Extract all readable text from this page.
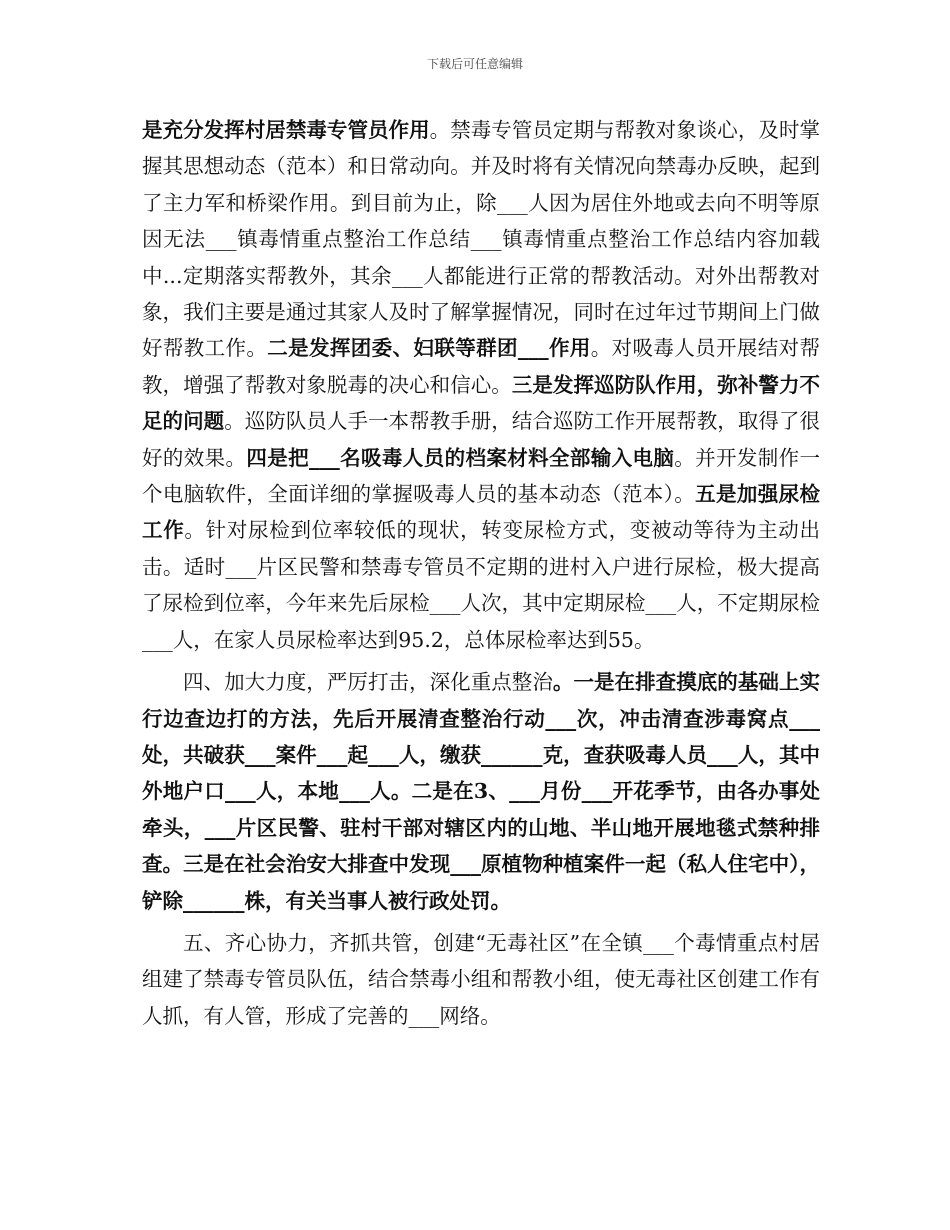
下载后可任意编辑

是充分发挥村居禁毒专管员作用。禁毒专管员定期与帮教对象谈心，及时掌握其思想动态（范本）和日常动向。并及时将有关情况向禁毒办反映，起到了主力军和桥梁作用。到目前为止，除___人因为居住外地或去向不明等原因无法___镇毒情重点整治工作总结___镇毒情重点整治工作总结内容加载中...定期落实帮教外，其余___人都能进行正常的帮教活动。对外出帮教对象，我们主要是通过其家人及时了解掌握情况，同时在过年过节期间上门做好帮教工作。二是发挥团委、妇联等群团___作用。对吸毒人员开展结对帮教，增强了帮教对象脱毒的决心和信心。三是发挥巡防队作用，弥补警力不足的问题。巡防队员人手一本帮教手册，结合巡防工作开展帮教，取得了很好的效果。四是把___名吸毒人员的档案材料全部输入电脑。并开发制作一个电脑软件，全面详细的掌握吸毒人员的基本动态（范本）。五是加强尿检工作。针对尿检到位率较低的现状，转变尿检方式，变被动等待为主动出击。适时___片区民警和禁毒专管员不定期的进村入户进行尿检，极大提高了尿检到位率，今年来先后尿检___人次，其中定期尿检___人，不定期尿检___人，在家人员尿检率达到95.2，总体尿检率达到55。

四、加大力度，严厉打击，深化重点整治。一是在排查摸底的基础上实行边查边打的方法，先后开展清查整治行动___次，冲击清查涉毒窝点___处，共破获___案件___起___人，缴获______克，查获吸毒人员___人，其中外地户口___人，本地___人。二是在3、___月份___开花季节，由各办事处牵头，___片区民警、驻村干部对辖区内的山地、半山地开展地毯式禁种排查。三是在社会治安大排查中发现___原植物种植案件一起（私人住宅中），铲除______株，有关当事人被行政处罚。

五、齐心协力，齐抓共管，创建“无毒社区”在全镇___个毒情重点村居组建了禁毒专管员队伍，结合禁毒小组和帮教小组，使无毒社区创建工作有人抓，有人管，形成了完善的___网络。
